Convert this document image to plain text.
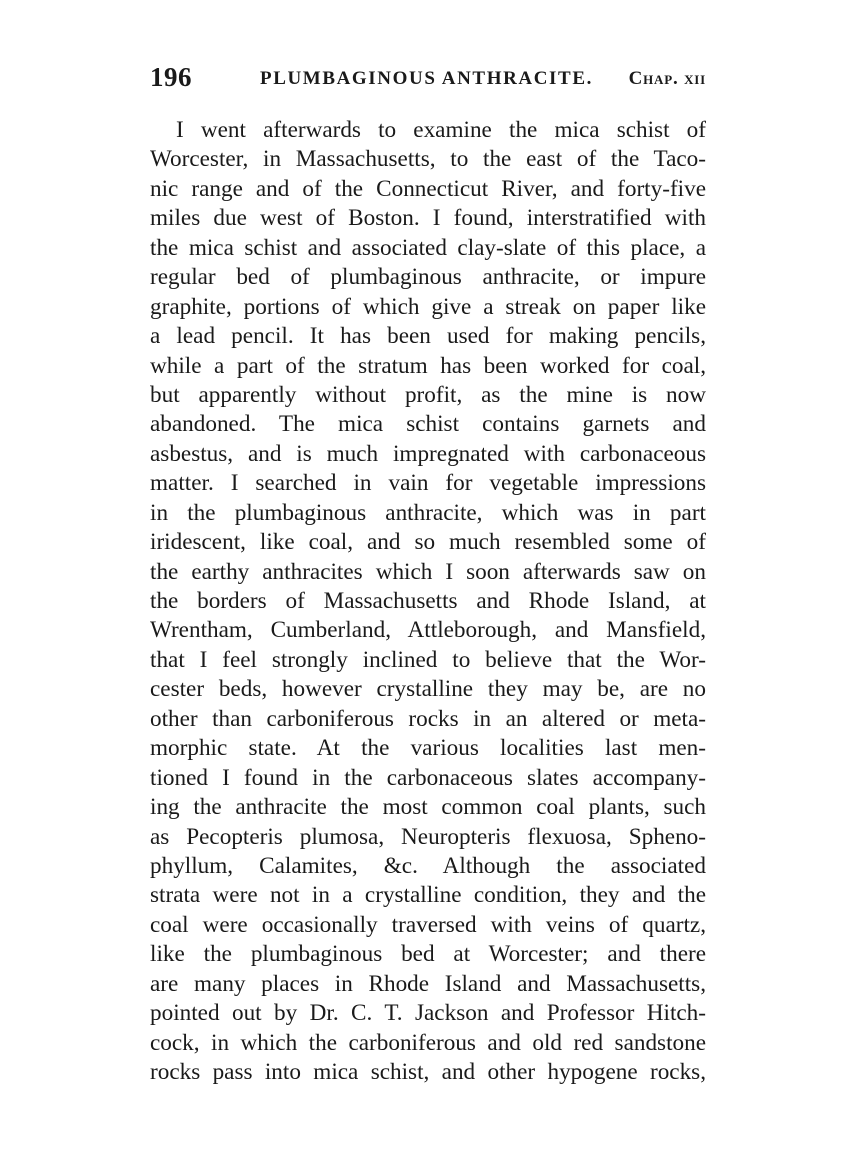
196	PLUMBAGINOUS ANTHRACITE. Chap. xii
I went afterwards to examine the mica schist of
Worcester, in Massachusetts, to the east of the Taco-
nic range and of the Connecticut River, and forty-five
miles due west of Boston. I found, interstratified with
the mica schist and associated clay-slate of this place, a
regular bed of plumbaginous anthracite, or impure
graphite, portions of which give a streak on paper like
a lead pencil. It has been used for making pencils,
while a part of the stratum has been worked for coal,
but apparently without profit, as the mine is now
abandoned. The mica schist contains garnets and
asbestus, and is much impregnated with carbonaceous
matter. I searched in vain for vegetable impressions
in the plumbaginous anthracite, which was in part
iridescent, like coal, and so much resembled some of
the earthy anthracites which I soon afterwards saw on
the borders of Massachusetts and Rhode Island, at
Wrentham, Cumberland, Attleborough, and Mansfield,
that I feel strongly inclined to believe that the Wor-
cester beds, however crystalline they may be, are no
other than carboniferous rocks in an altered or meta-
morphic state. At the various localities last men-
tioned I found in the carbonaceous slates accompany-
ing the anthracite the most common coal plants, such
as Pecopteris plumosa, Neuropteris flexuosa, Spheno-
phyllum, Calamites, &c. Although the associated
strata were not in a crystalline condition, they and the
coal were occasionally traversed with veins of quartz,
like the plumbaginous bed at Worcester; and there
are many places in Rhode Island and Massachusetts,
pointed out by Dr. C. T. Jackson and Professor Hitch-
cock, in which the carboniferous and old red sandstone
rocks pass into mica schist, and other hypogene rocks,
